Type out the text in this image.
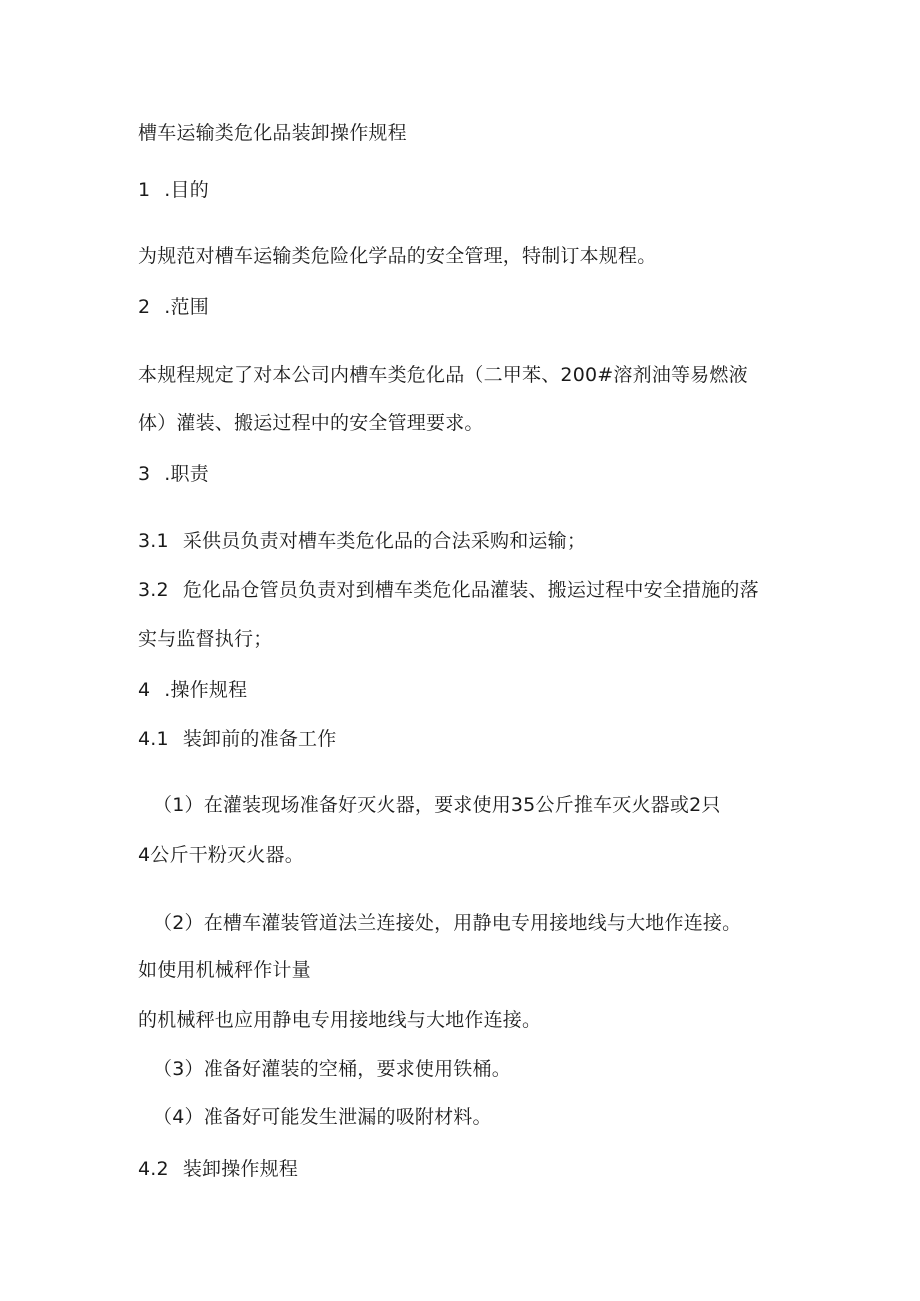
槽车运输类危化品装卸操作规程
1 .目的
为规范对槽车运输类危险化学品的安全管理，特制订本规程。
2 .范围
本规程规定了对本公司内槽车类危化品（二甲苯、200#溶剂油等易燃液
体）灌装、搬运过程中的安全管理要求。
3 .职责
3.1 采供员负责对槽车类危化品的合法采购和运输；
3.2 危化品仓管员负责对到槽车类危化品灌装、搬运过程中安全措施的落
实与监督执行；
4 .操作规程
4.1 装卸前的准备工作
（1）在灌装现场准备好灭火器，要求使用35公斤推车灭火器或2只
4公斤干粉灭火器。
（2）在槽车灌装管道法兰连接处，用静电专用接地线与大地作连接。
如使用机械秤作计量
的机械秤也应用静电专用接地线与大地作连接。
（3）准备好灌装的空桶，要求使用铁桶。
（4）准备好可能发生泄漏的吸附材料。
4.2 装卸操作规程
